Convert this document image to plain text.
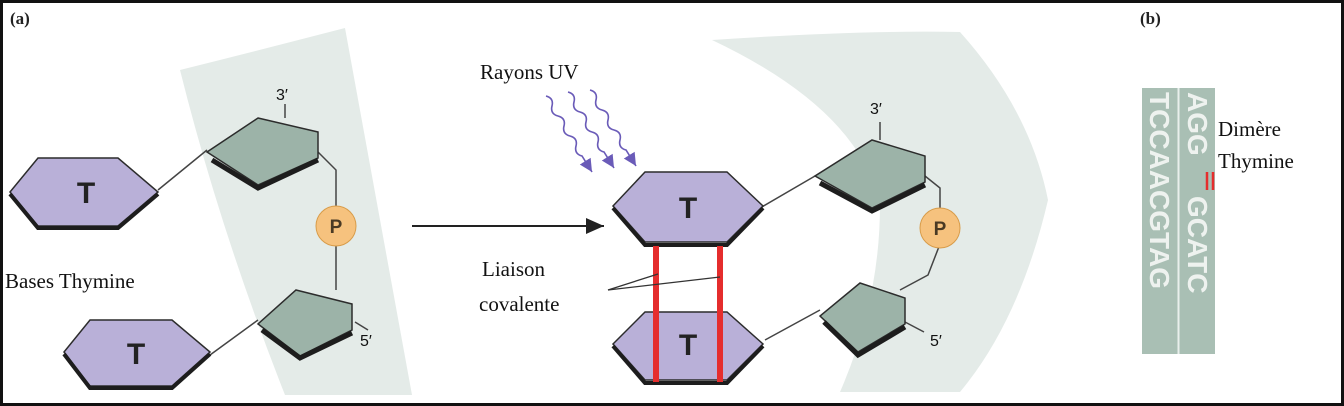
(a)	(b)
P
T
T
3′
5′
Bases Thymine
Rayons UV
P
T
T
3′
5′
Liaison
covalente
TCCAACGTAG AGG
GCATC
Dimère
Thymine
